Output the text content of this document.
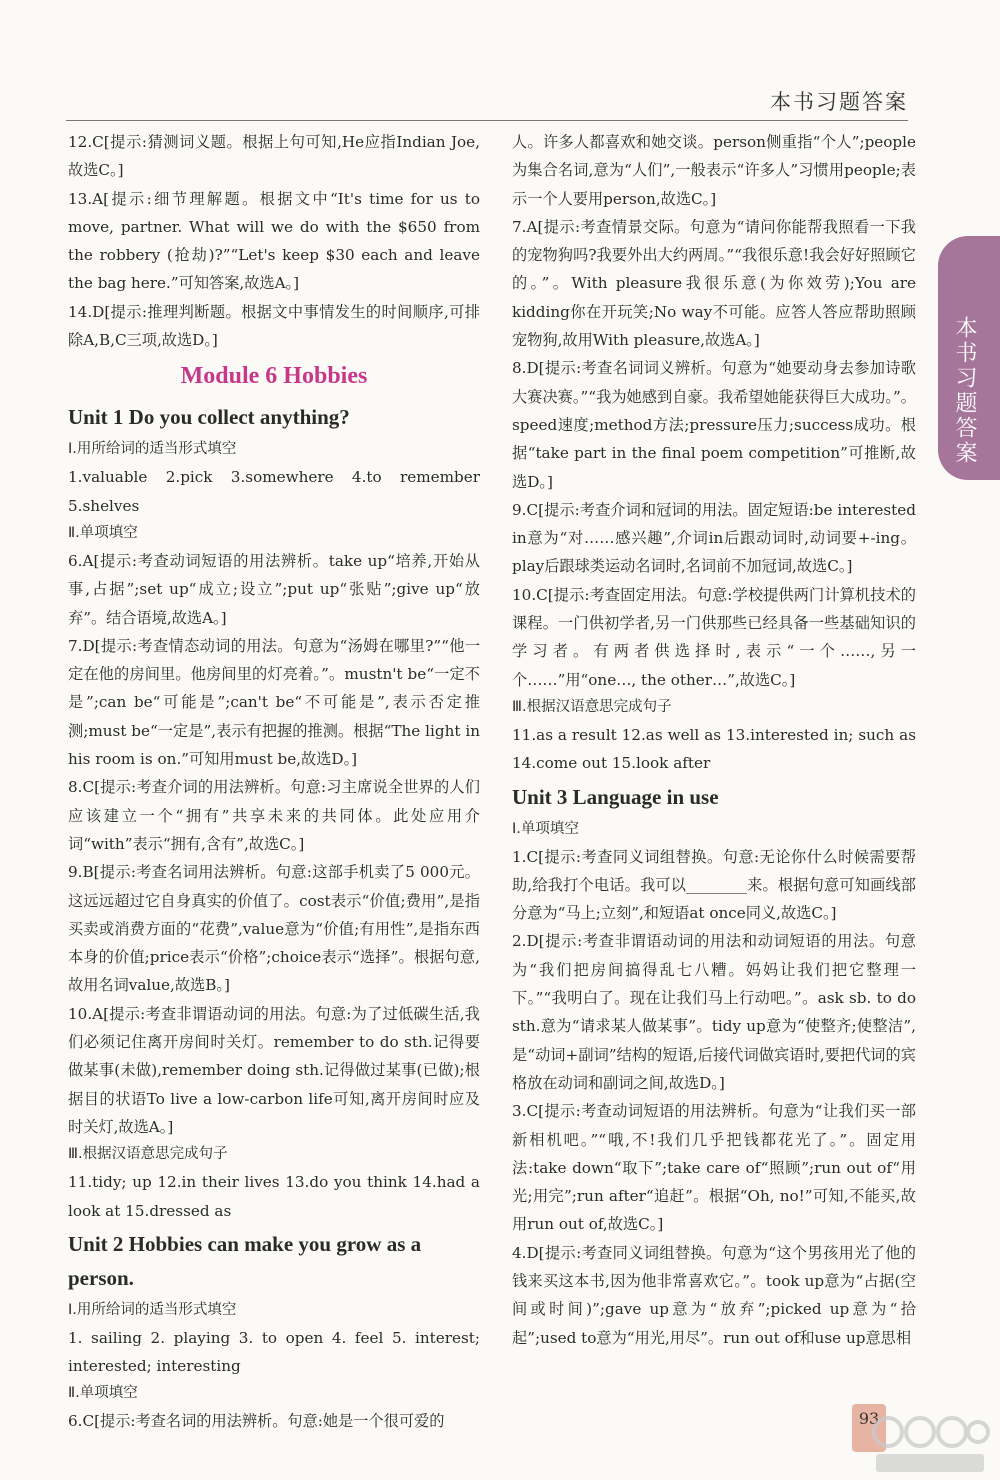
本书习题答案
本书习题答案

12.C[提示:猜测词义题。根据上句可知,He应指Indian Joe,故选C。]

13.A[提示:细节理解题。根据文中“It's time for us to move, partner. What will we do with the $650 from the robbery (抢劫)?”“Let's keep $30 each and leave the bag here.”可知答案,故选A。]

14.D[提示:推理判断题。根据文中事情发生的时间顺序,可排除A,B,C三项,故选D。]

Module 6 Hobbies
Unit 1 Do you collect anything?
Ⅰ.用所给词的适当形式填空

1.valuable 2.pick 3.somewhere 4.to remember 5.shelves

Ⅱ.单项填空

6.A[提示:考查动词短语的用法辨析。take up“培养,开始从事,占据”;set up“成立;设立”;put up“张贴”;give up“放弃”。结合语境,故选A。]

7.D[提示:考查情态动词的用法。句意为“汤姆在哪里?”“他一定在他的房间里。他房间里的灯亮着。”。mustn't be“一定不是”;can be“可能是”;can't be“不可能是”,表示否定推测;must be“一定是”,表示有把握的推测。根据“The light in his room is on.”可知用must be,故选D。]

8.C[提示:考查介词的用法辨析。句意:习主席说全世界的人们应该建立一个“拥有”共享未来的共同体。此处应用介词“with”表示“拥有,含有”,故选C。]

9.B[提示:考查名词用法辨析。句意:这部手机卖了5 000元。这远远超过它自身真实的价值了。cost表示“价值;费用”,是指买卖或消费方面的“花费”,value意为“价值;有用性”,是指东西本身的价值;price表示“价格”;choice表示“选择”。根据句意,故用名词value,故选B。]

10.A[提示:考查非谓语动词的用法。句意:为了过低碳生活,我们必须记住离开房间时关灯。remember to do sth.记得要做某事(未做),remember doing sth.记得做过某事(已做);根据目的状语To live a low-carbon life可知,离开房间时应及时关灯,故选A。]

Ⅲ.根据汉语意思完成句子

11.tidy; up 12.in their lives 13.do you think 14.had a look at 15.dressed as

Unit 2 Hobbies can make you grow as a person.
Ⅰ.用所给词的适当形式填空

1. sailing 2. playing 3. to open 4. feel 5. interest; interested; interesting

Ⅱ.单项填空

6.C[提示:考查名词的用法辨析。句意:她是一个很可爱的

人。许多人都喜欢和她交谈。person侧重指“个人”;people为集合名词,意为“人们”,一般表示“许多人”习惯用people;表示一个人要用person,故选C。]

7.A[提示:考查情景交际。句意为“请问你能帮我照看一下我的宠物狗吗?我要外出大约两周。”“我很乐意!我会好好照顾它的。”。With pleasure我很乐意(为你效劳);You are kidding你在开玩笑;No way不可能。应答人答应帮助照顾宠物狗,故用With pleasure,故选A。]

8.D[提示:考查名词词义辨析。句意为“她要动身去参加诗歌大赛决赛。”“我为她感到自豪。我希望她能获得巨大成功。”。speed速度;method方法;pressure压力;success成功。根据“take part in the final poem competition”可推断,故选D。]

9.C[提示:考查介词和冠词的用法。固定短语:be interested in意为“对……感兴趣”,介词in后跟动词时,动词要+-ing。play后跟球类运动名词时,名词前不加冠词,故选C。]

10.C[提示:考查固定用法。句意:学校提供两门计算机技术的课程。一门供初学者,另一门供那些已经具备一些基础知识的学习者。有两者供选择时,表示“一个……,另一个……”用“one…, the other…”,故选C。]

Ⅲ.根据汉语意思完成句子

11.as a result 12.as well as 13.interested in; such as 14.come out 15.look after

Unit 3 Language in use
Ⅰ.单项填空

1.C[提示:考查同义词组替换。句意:无论你什么时候需要帮助,给我打个电话。我可以________来。根据句意可知画线部分意为“马上;立刻”,和短语at once同义,故选C。]

2.D[提示:考查非谓语动词的用法和动词短语的用法。句意为“我们把房间搞得乱七八糟。妈妈让我们把它整理一下。”“我明白了。现在让我们马上行动吧。”。ask sb. to do sth.意为“请求某人做某事”。tidy up意为“使整齐;使整洁”,是“动词+副词”结构的短语,后接代词做宾语时,要把代词的宾格放在动词和副词之间,故选D。]

3.C[提示:考查动词短语的用法辨析。句意为“让我们买一部新相机吧。”“哦,不!我们几乎把钱都花光了。”。固定用法:take down“取下”;take care of“照顾”;run out of“用光;用完”;run after“追赶”。根据“Oh, no!”可知,不能买,故用run out of,故选C。]

4.D[提示:考查同义词组替换。句意为“这个男孩用光了他的钱来买这本书,因为他非常喜欢它。”。took up意为“占据(空间或时间)”;gave up意为“放弃”;picked up意为“拾起”;used to意为“用光,用尽”。run out of和use up意思相

93
